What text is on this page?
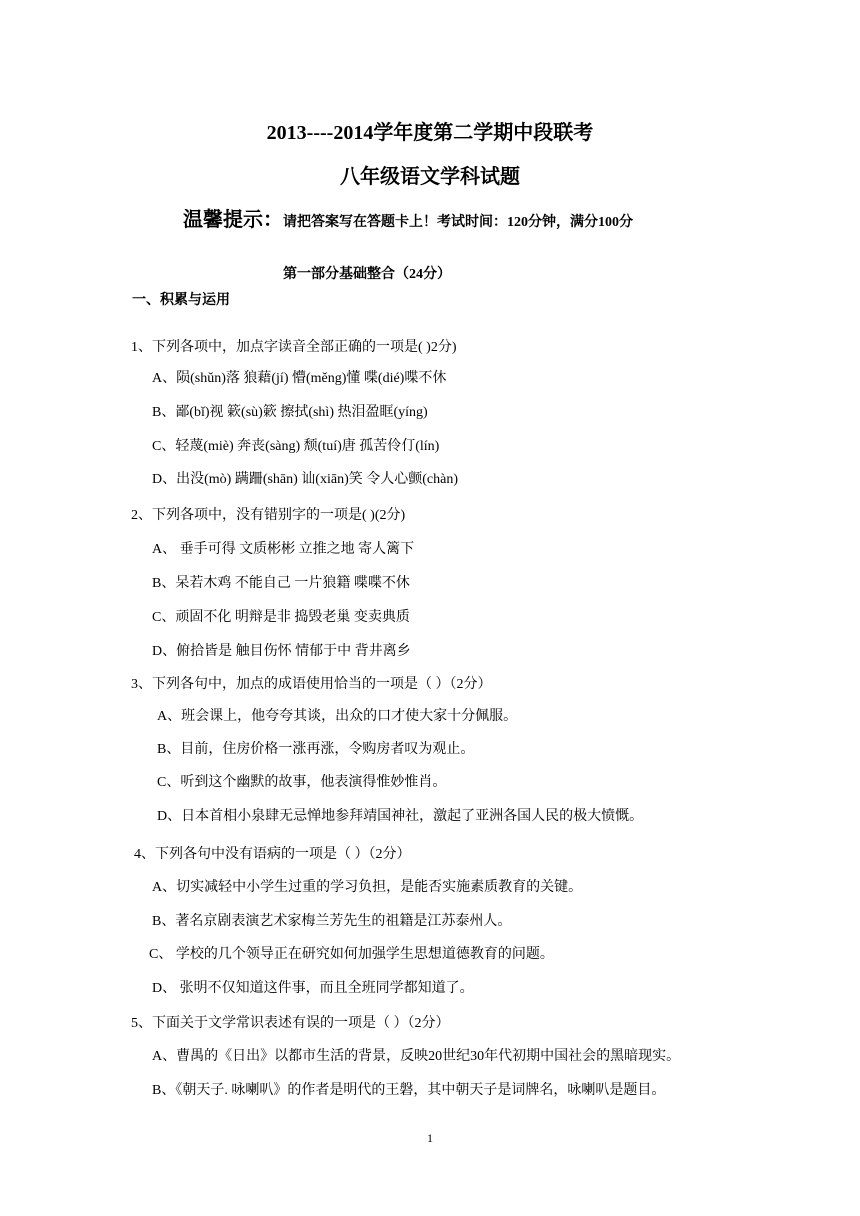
2013----2014学年度第二学期中段联考
八年级语文学科试题
温馨提示：请把答案写在答题卡上！考试时间：120分钟，满分100分
第一部分基础整合（24分）
一、积累与运用
1、下列各项中，加点字读音全部正确的一项是( )2分)
A、陨(shǔn)落 狼藉(jí) 懵(měng)懂 喋(dié)喋不休
B、鄙(bǐ)视 簌(sù)簌 擦拭(shì) 热泪盈眶(yíng)
C、轻蔑(miè) 奔丧(sàng) 颓(tuí)唐 孤苦伶仃(lín)
D、出没(mò) 蹒跚(shān) 讪(xiān)笑 令人心颤(chàn)
2、下列各项中，没有错别字的一项是( )(2分)
A、 垂手可得 文质彬彬 立推之地 寄人篱下
B、呆若木鸡 不能自己 一片狼籍 喋喋不休
C、顽固不化 明辩是非 捣毁老巢 变卖典质
D、俯拾皆是 触目伤怀 情郁于中 背井离乡
3、下列各句中，加点的成语使用恰当的一项是（ ）（2分）
A、班会课上，他夸夸其谈，出众的口才使大家十分佩服。
B、目前，住房价格一涨再涨，令购房者叹为观止。
C、听到这个幽默的故事，他表演得惟妙惟肖。
D、日本首相小泉肆无忌惮地参拜靖国神社，激起了亚洲各国人民的极大愤慨。
4、下列各句中没有语病的一项是（ ）（2分）
A、切实减轻中小学生过重的学习负担，是能否实施素质教育的关键。
B、著名京剧表演艺术家梅兰芳先生的祖籍是江苏泰州人。
C、 学校的几个领导正在研究如何加强学生思想道德教育的问题。
D、 张明不仅知道这件事，而且全班同学都知道了。
5、下面关于文学常识表述有误的一项是（ ）（2分）
A、曹禺的《日出》以都市生活的背景，反映20世纪30年代初期中国社会的黑暗现实。
B、《朝天子. 咏喇叭》的作者是明代的王磐，其中朝天子是词牌名，咏喇叭是题目。
1
